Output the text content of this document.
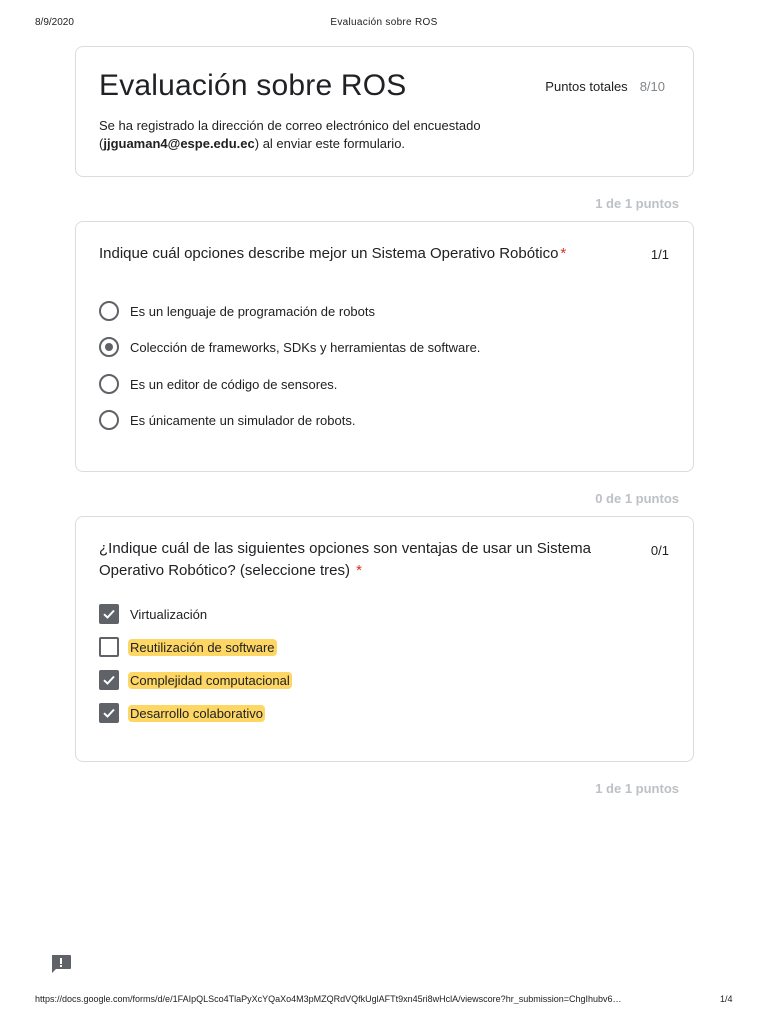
8/9/2020	Evaluación sobre ROS
Evaluación sobre ROS	Puntos totales 8/10
Se ha registrado la dirección de correo electrónico del encuestado (jjguaman4@espe.edu.ec) al enviar este formulario.
1 de 1 puntos
Indique cuál opciones describe mejor un Sistema Operativo Robótico *	1/1
Es un lenguaje de programación de robots
Colección de frameworks, SDKs y herramientas de software.
Es un editor de código de sensores.
Es únicamente un simulador de robots.
0 de 1 puntos
¿Indique cuál de las siguientes opciones son ventajas de usar un Sistema
Operativo Robótico? (seleccione tres) *
0/1
Virtualización
Reutilización de software
Complejidad computacional
Desarrollo colaborativo
1 de 1 puntos
https://docs.google.com/forms/d/e/1FAIpQLSco4TlaPyXcYQaXo4M3pMZQRdVQfkUglAFTt9xn45ri8wHclA/viewscore?hr_submission=ChgIhubv6…	1/4
